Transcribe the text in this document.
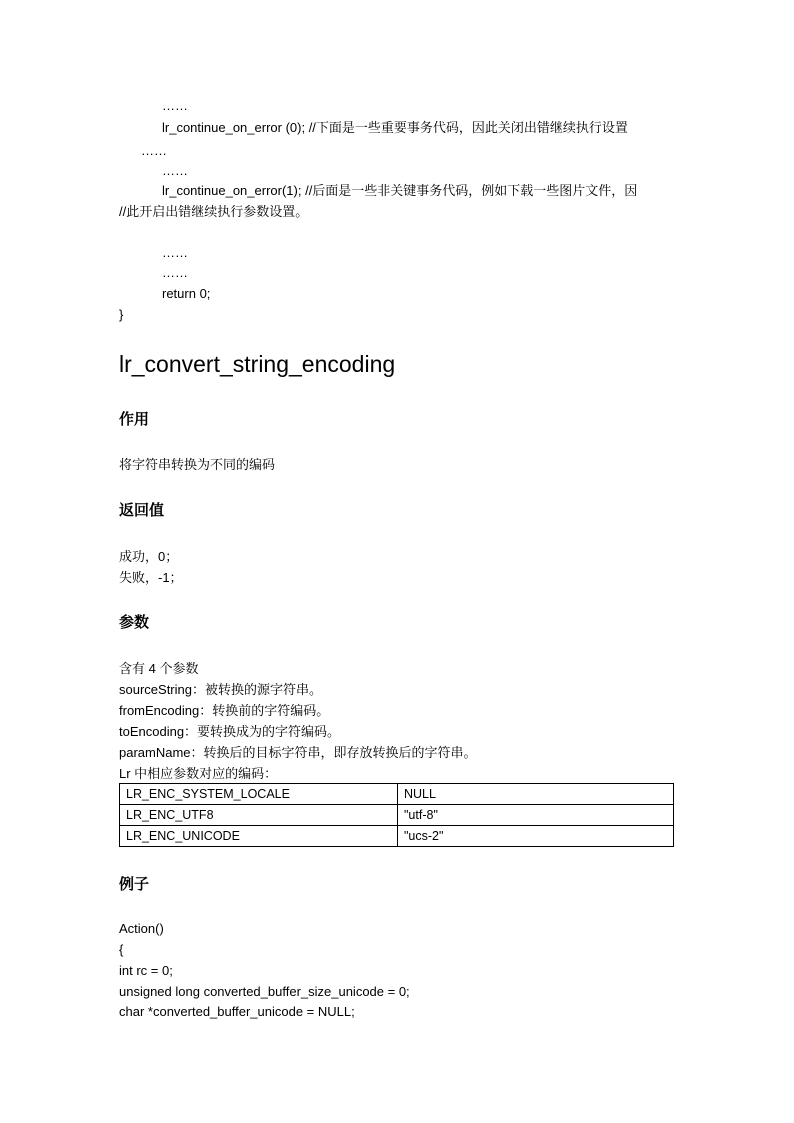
……
lr_continue_on_error (0); //下面是一些重要事务代码，因此关闭出错继续执行设置
……
……
lr_continue_on_error(1); //后面是一些非关键事务代码，例如下载一些图片文件，因
//此开启出错继续执行参数设置。
……
……
return 0;
}
lr_convert_string_encoding
作用
将字符串转换为不同的编码
返回值
成功，0；
失败，-1；
参数
含有 4 个参数
sourceString：被转换的源字符串。
fromEncoding：转换前的字符编码。
toEncoding：要转换成为的字符编码。
paramName：转换后的目标字符串，即存放转换后的字符串。
Lr 中相应参数对应的编码：
LR_ENC_SYSTEM_LOCALE	NULL
LR_ENC_UTF8	"utf-8"
LR_ENC_UNICODE	"ucs-2"
例子
Action()
{
int rc = 0;
unsigned long converted_buffer_size_unicode = 0;
char *converted_buffer_unicode = NULL;
